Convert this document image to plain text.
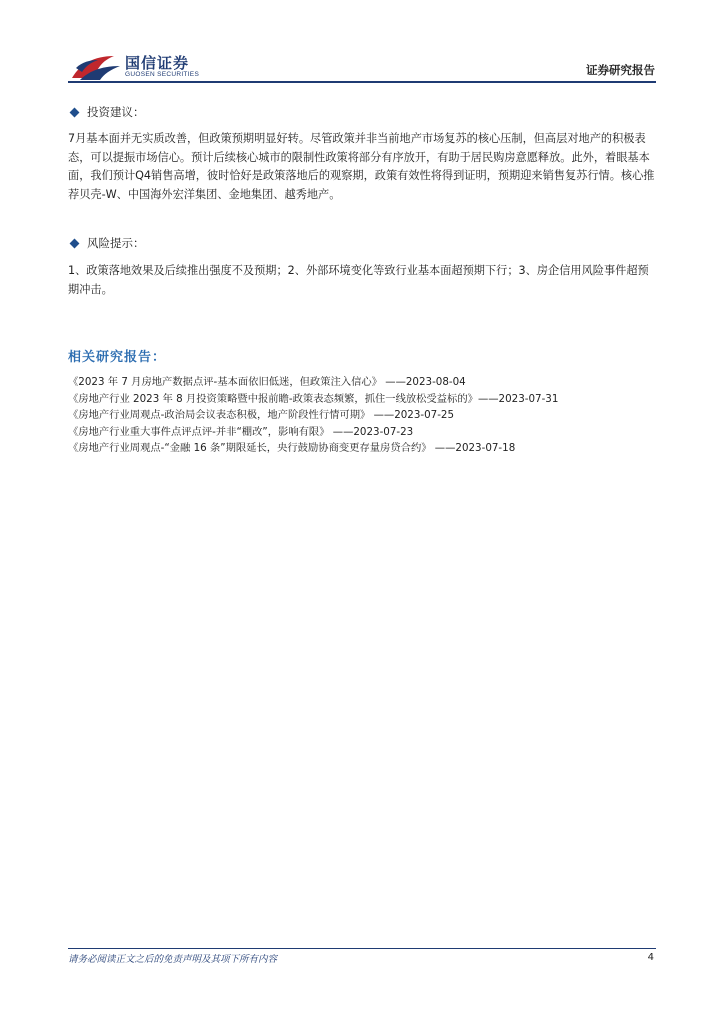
国信证券
GUOSEN SECURITIES	证券研究报告
投资建议：
7月基本面并无实质改善，但政策预期明显好转。尽管政策并非当前地产市场复苏的核心压制，但高层对地产的积极表态，可以提振市场信心。预计后续核心城市的限制性政策将部分有序放开，有助于居民购房意愿释放。此外，着眼基本面，我们预计Q4销售高增，彼时恰好是政策落地后的观察期，政策有效性将得到证明，预期迎来销售复苏行情。核心推荐贝壳-W、中国海外宏洋集团、金地集团、越秀地产。
风险提示：
1、政策落地效果及后续推出强度不及预期；2、外部环境变化等致行业基本面超预期下行；3、房企信用风险事件超预期冲击。
相关研究报告：
《2023 年 7 月房地产数据点评-基本面依旧低迷，但政策注入信心》 ——2023-08-04
《房地产行业 2023 年 8 月投资策略暨中报前瞻-政策表态频繁，抓住一线放松受益标的》——2023-07-31
《房地产行业周观点-政治局会议表态积极，地产阶段性行情可期》 ——2023-07-25
《房地产行业重大事件点评点评-并非“棚改”，影响有限》 ——2023-07-23
《房地产行业周观点-“金融 16 条”期限延长，央行鼓励协商变更存量房贷合约》 ——2023-07-18
请务必阅读正文之后的免责声明及其项下所有内容	4
